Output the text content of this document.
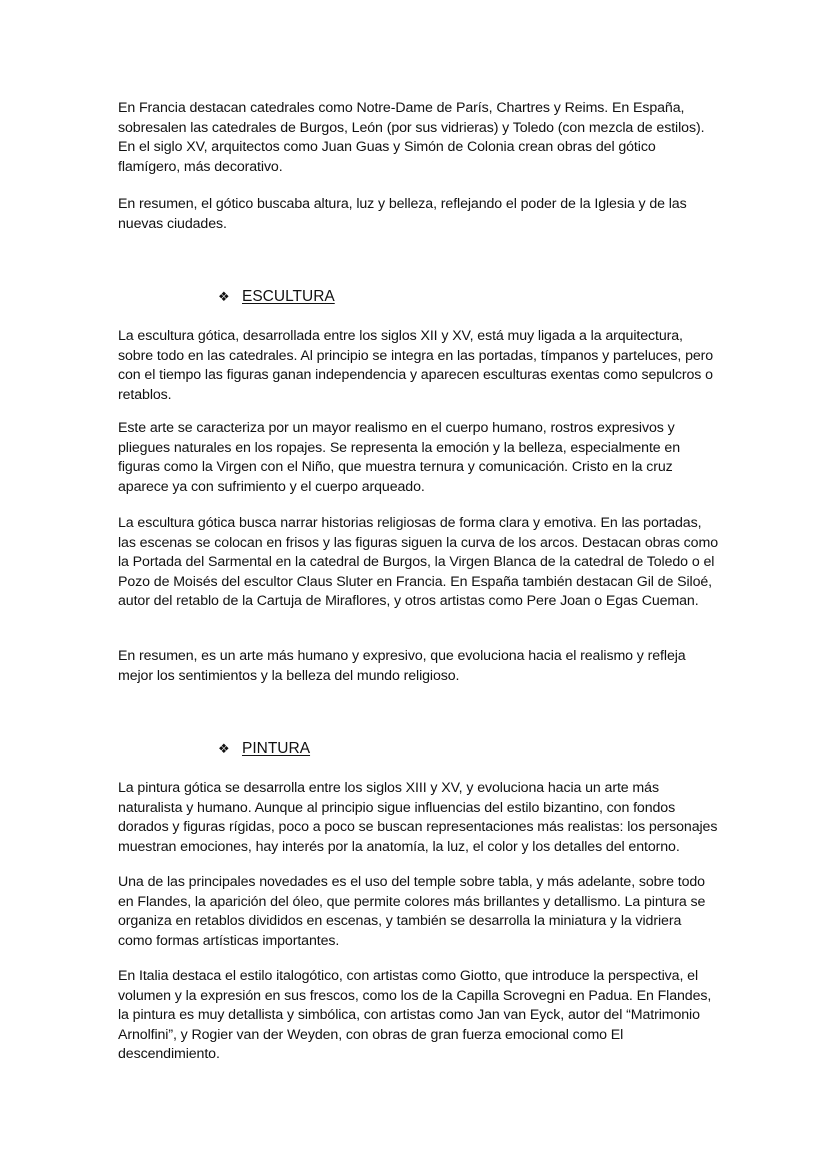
En Francia destacan catedrales como Notre-Dame de París, Chartres y Reims. En España, sobresalen las catedrales de Burgos, León (por sus vidrieras) y Toledo (con mezcla de estilos). En el siglo XV, arquitectos como Juan Guas y Simón de Colonia crean obras del gótico flamígero, más decorativo.

En resumen, el gótico buscaba altura, luz y belleza, reflejando el poder de la Iglesia y de las nuevas ciudades.

❖ ESCULTURA

La escultura gótica, desarrollada entre los siglos XII y XV, está muy ligada a la arquitectura, sobre todo en las catedrales. Al principio se integra en las portadas, tímpanos y parteluces, pero con el tiempo las figuras ganan independencia y aparecen esculturas exentas como sepulcros o retablos.

Este arte se caracteriza por un mayor realismo en el cuerpo humano, rostros expresivos y pliegues naturales en los ropajes. Se representa la emoción y la belleza, especialmente en figuras como la Virgen con el Niño, que muestra ternura y comunicación. Cristo en la cruz aparece ya con sufrimiento y el cuerpo arqueado.

La escultura gótica busca narrar historias religiosas de forma clara y emotiva. En las portadas, las escenas se colocan en frisos y las figuras siguen la curva de los arcos. Destacan obras como la Portada del Sarmental en la catedral de Burgos, la Virgen Blanca de la catedral de Toledo o el Pozo de Moisés del escultor Claus Sluter en Francia. En España también destacan Gil de Siloé, autor del retablo de la Cartuja de Miraflores, y otros artistas como Pere Joan o Egas Cueman.

En resumen, es un arte más humano y expresivo, que evoluciona hacia el realismo y refleja mejor los sentimientos y la belleza del mundo religioso.

❖ PINTURA

La pintura gótica se desarrolla entre los siglos XIII y XV, y evoluciona hacia un arte más naturalista y humano. Aunque al principio sigue influencias del estilo bizantino, con fondos dorados y figuras rígidas, poco a poco se buscan representaciones más realistas: los personajes muestran emociones, hay interés por la anatomía, la luz, el color y los detalles del entorno.

Una de las principales novedades es el uso del temple sobre tabla, y más adelante, sobre todo en Flandes, la aparición del óleo, que permite colores más brillantes y detallismo. La pintura se organiza en retablos divididos en escenas, y también se desarrolla la miniatura y la vidriera como formas artísticas importantes.

En Italia destaca el estilo italogótico, con artistas como Giotto, que introduce la perspectiva, el volumen y la expresión en sus frescos, como los de la Capilla Scrovegni en Padua. En Flandes, la pintura es muy detallista y simbólica, con artistas como Jan van Eyck, autor del “Matrimonio Arnolfini”, y Rogier van der Weyden, con obras de gran fuerza emocional como El descendimiento.
